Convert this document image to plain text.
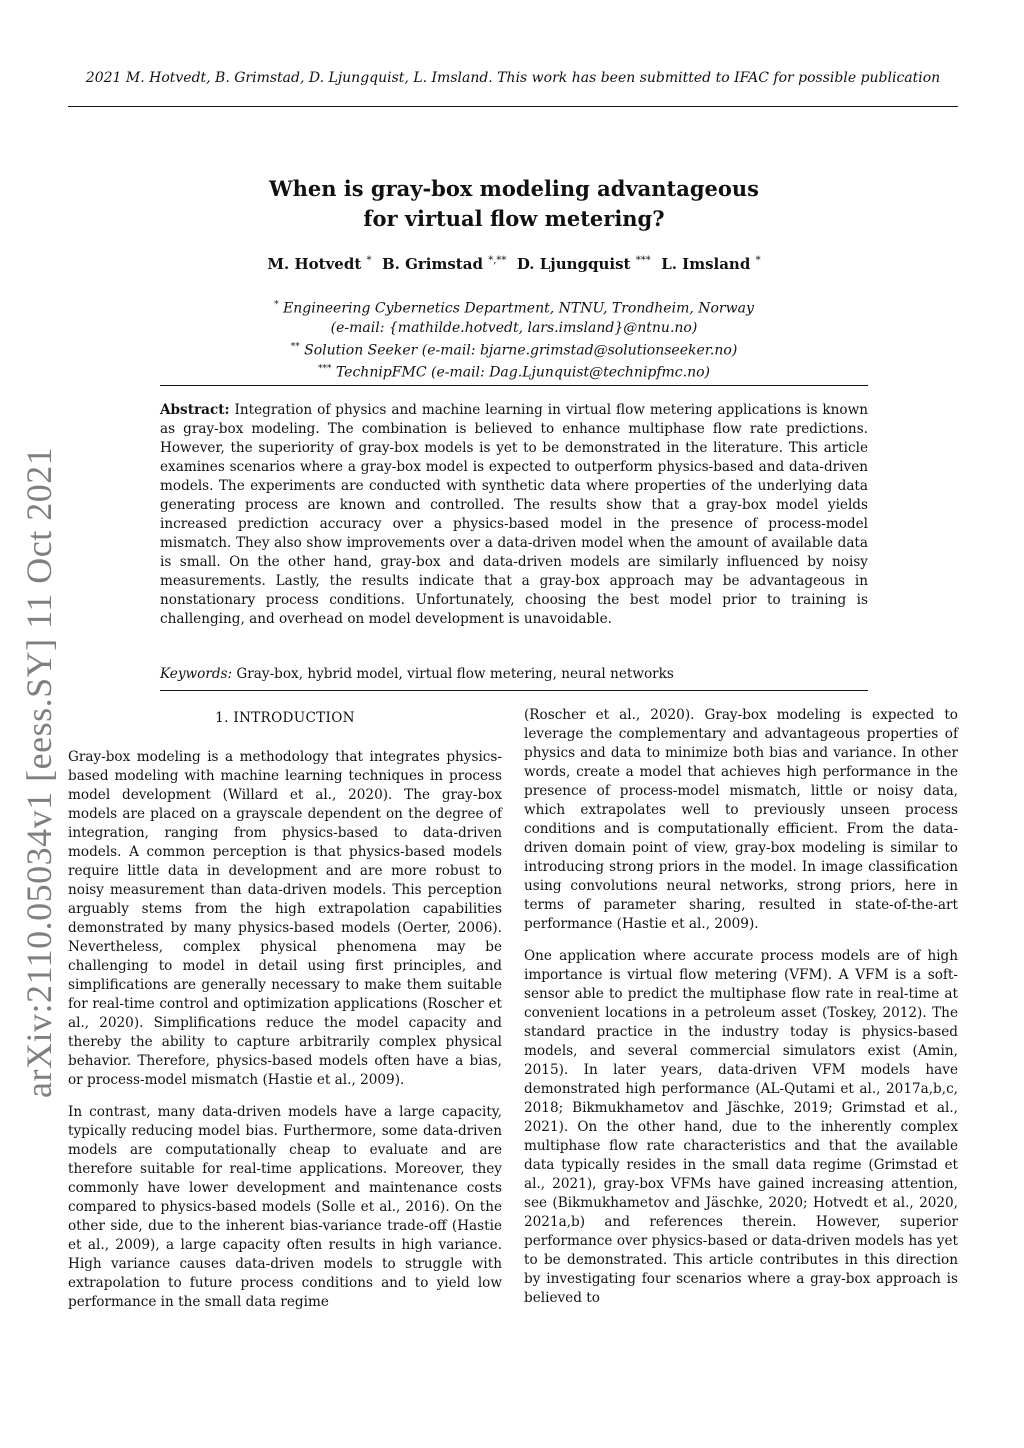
2021 M. Hotvedt, B. Grimstad, D. Ljungquist, L. Imsland. This work has been submitted to IFAC for possible publication
arXiv:2110.05034v1 [eess.SY] 11 Oct 2021
When is gray-box modeling advantageous
for virtual flow metering?
M. Hotvedt * B. Grimstad *,** D. Ljungquist *** L. Imsland *
* Engineering Cybernetics Department, NTNU, Trondheim, Norway
(e-mail: {mathilde.hotvedt, lars.imsland}@ntnu.no)
** Solution Seeker (e-mail: bjarne.grimstad@solutionseeker.no)
*** TechnipFMC (e-mail: Dag.Ljunquist@technipfmc.no)
Abstract: Integration of physics and machine learning in virtual flow metering applications is known as gray-box modeling. The combination is believed to enhance multiphase flow rate predictions. However, the superiority of gray-box models is yet to be demonstrated in the literature. This article examines scenarios where a gray-box model is expected to outperform physics-based and data-driven models. The experiments are conducted with synthetic data where properties of the underlying data generating process are known and controlled. The results show that a gray-box model yields increased prediction accuracy over a physics-based model in the presence of process-model mismatch. They also show improvements over a data-driven model when the amount of available data is small. On the other hand, gray-box and data-driven models are similarly influenced by noisy measurements. Lastly, the results indicate that a gray-box approach may be advantageous in nonstationary process conditions. Unfortunately, choosing the best model prior to training is challenging, and overhead on model development is unavoidable.
Keywords: Gray-box, hybrid model, virtual flow metering, neural networks
1. INTRODUCTION

Gray-box modeling is a methodology that integrates physics-based modeling with machine learning techniques in process model development (Willard et al., 2020). The gray-box models are placed on a grayscale dependent on the degree of integration, ranging from physics-based to data-driven models. A common perception is that physics-based models require little data in development and are more robust to noisy measurement than data-driven models. This perception arguably stems from the high extrapolation capabilities demonstrated by many physics-based models (Oerter, 2006). Nevertheless, complex physical phenomena may be challenging to model in detail using first principles, and simplifications are generally necessary to make them suitable for real-time control and optimization applications (Roscher et al., 2020). Simplifications reduce the model capacity and thereby the ability to capture arbitrarily complex physical behavior. Therefore, physics-based models often have a bias, or process-model mismatch (Hastie et al., 2009).

In contrast, many data-driven models have a large capacity, typically reducing model bias. Furthermore, some data-driven models are computationally cheap to evaluate and are therefore suitable for real-time applications. Moreover, they commonly have lower development and maintenance costs compared to physics-based models (Solle et al., 2016). On the other side, due to the inherent bias-variance trade-off (Hastie et al., 2009), a large capacity often results in high variance. High variance causes data-driven models to struggle with extrapolation to future process conditions and to yield low performance in the small data regime

(Roscher et al., 2020). Gray-box modeling is expected to leverage the complementary and advantageous properties of physics and data to minimize both bias and variance. In other words, create a model that achieves high performance in the presence of process-model mismatch, little or noisy data, which extrapolates well to previously unseen process conditions and is computationally efficient. From the data-driven domain point of view, gray-box modeling is similar to introducing strong priors in the model. In image classification using convolutions neural networks, strong priors, here in terms of parameter sharing, resulted in state-of-the-art performance (Hastie et al., 2009).

One application where accurate process models are of high importance is virtual flow metering (VFM). A VFM is a soft-sensor able to predict the multiphase flow rate in real-time at convenient locations in a petroleum asset (Toskey, 2012). The standard practice in the industry today is physics-based models, and several commercial simulators exist (Amin, 2015). In later years, data-driven VFM models have demonstrated high performance (AL-Qutami et al., 2017a,b,c, 2018; Bikmukhametov and Jäschke, 2019; Grimstad et al., 2021). On the other hand, due to the inherently complex multiphase flow rate characteristics and that the available data typically resides in the small data regime (Grimstad et al., 2021), gray-box VFMs have gained increasing attention, see (Bikmukhametov and Jäschke, 2020; Hotvedt et al., 2020, 2021a,b) and references therein. However, superior performance over physics-based or data-driven models has yet to be demonstrated. This article contributes in this direction by investigating four scenarios where a gray-box approach is believed to
